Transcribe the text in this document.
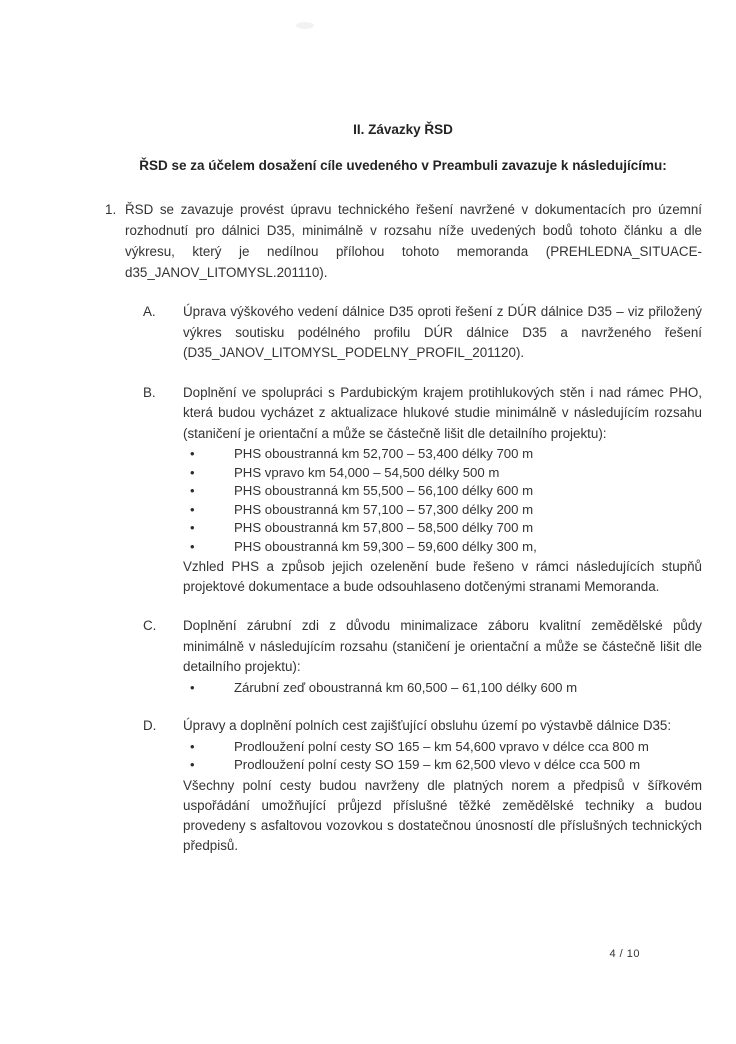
II. Závazky ŘSD
ŘSD se za účelem dosažení cíle uvedeného v Preambuli zavazuje k následujícímu:
1. ŘSD se zavazuje provést úpravu technického řešení navržené v dokumentacích pro územní rozhodnutí pro dálnici D35, minimálně v rozsahu níže uvedených bodů tohoto článku a dle výkresu, který je nedílnou přílohou tohoto memoranda (PREHLEDNA_SITUACE-d35_JANOV_LITOMYSL.201110).
A. Úprava výškového vedení dálnice D35 oproti řešení z DÚR dálnice D35 – viz přiložený výkres soutisku podélného profilu DÚR dálnice D35 a navrženého řešení (D35_JANOV_LITOMYSL_PODELNY_PROFIL_201120).

B. Doplnění ve spolupráci s Pardubickým krajem protihlukových stěn i nad rámec PHO, která budou vycházet z aktualizace hlukové studie minimálně v následujícím rozsahu (staničení je orientační a může se částečně lišit dle detailního projektu):

• PHS oboustranná km 52,700 – 53,400 délky 700 m
• PHS vpravo km 54,000 – 54,500 délky 500 m
• PHS oboustranná km 55,500 – 56,100 délky 600 m
• PHS oboustranná km 57,100 – 57,300 délky 200 m
• PHS oboustranná km 57,800 – 58,500 délky 700 m
• PHS oboustranná km 59,300 – 59,600 délky 300 m,

Vzhled PHS a způsob jejich ozelenění bude řešeno v rámci následujících stupňů projektové dokumentace a bude odsouhlaseno dotčenými stranami Memoranda.

C. Doplnění zárubní zdi z důvodu minimalizace záboru kvalitní zemědělské půdy minimálně v následujícím rozsahu (staničení je orientační a může se částečně lišit dle detailního projektu):

• Zárubní zeď oboustranná km 60,500 – 61,100 délky 600 m
D. Úpravy a doplnění polních cest zajišťující obsluhu území po výstavbě dálnice D35:

• Prodloužení polní cesty SO 165 – km 54,600 vpravo v délce cca 800 m
• Prodloužení polní cesty SO 159 – km 62,500 vlevo v délce cca 500 m

Všechny polní cesty budou navrženy dle platných norem a předpisů v šířkovém uspořádání umožňující průjezd příslušné těžké zemědělské techniky a budou provedeny s asfaltovou vozovkou s dostatečnou únosností dle příslušných technických předpisů.

4 / 10
